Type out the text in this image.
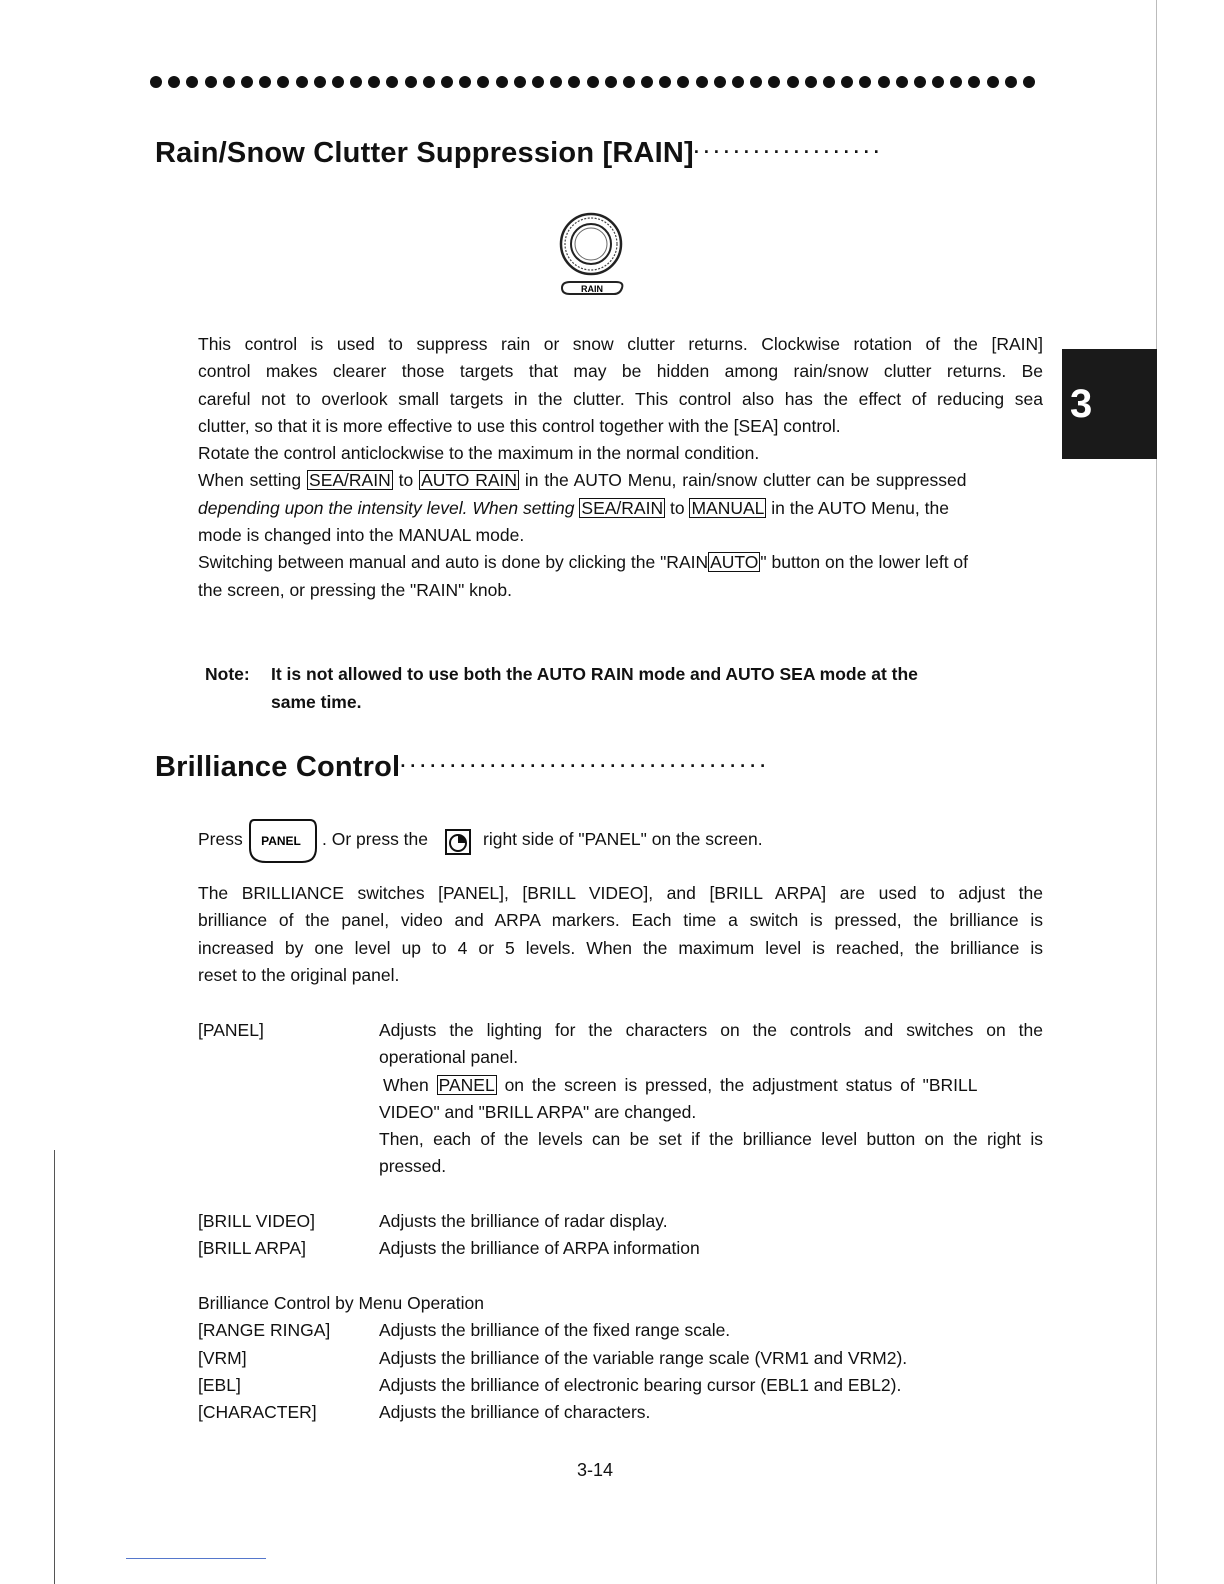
3
Rain/Snow Clutter Suppression [RAIN]···················
RAIN
This control is used to suppress rain or snow clutter returns. Clockwise rotation of the [RAIN]
control makes clearer those targets that may be hidden among rain/snow clutter returns. Be
careful not to overlook small targets in the clutter. This control also has the effect of reducing sea
clutter, so that it is more effective to use this control together with the [SEA] control.
Rotate the control anticlockwise to the maximum in the normal condition.
When setting SEA/RAIN to AUTO RAIN in the AUTO Menu, rain/snow clutter can be suppressed
depending upon the intensity level. When setting SEA/RAIN to MANUAL in the AUTO Menu, the
mode is changed into the MANUAL mode.
Switching between manual and auto is done by clicking the "RAIN AUTO " button on the lower left of
the screen, or pressing the "RAIN" knob.
Note:	It is not allowed to use both the AUTO RAIN mode and AUTO SEA mode at the
same time.
Brilliance Control·····································
Press PANEL . Or press the	right side of "PANEL" on the screen.
The BRILLIANCE switches [PANEL], [BRILL VIDEO], and [BRILL ARPA] are used to adjust the
brilliance of the panel, video and ARPA markers. Each time a switch is pressed, the brilliance is
increased by one level up to 4 or 5 levels. When the maximum level is reached, the brilliance is
reset to the original panel.
[PANEL]	Adjusts the lighting for the characters on the controls and switches on the
operational panel.
When PANEL on the screen is pressed, the adjustment status of "BRILL
VIDEO" and "BRILL ARPA" are changed.
Then, each of the levels can be set if the brilliance level button on the right is
pressed.
[BRILL VIDEO]	Adjusts the brilliance of radar display.
[BRILL ARPA]	Adjusts the brilliance of ARPA information
Brilliance Control by Menu Operation
[RANGE RINGA]	Adjusts the brilliance of the fixed range scale.
[VRM]	Adjusts the brilliance of the variable range scale (VRM1 and VRM2).
[EBL]	Adjusts the brilliance of electronic bearing cursor (EBL1 and EBL2).
[CHARACTER]	Adjusts the brilliance of characters.
3-14
